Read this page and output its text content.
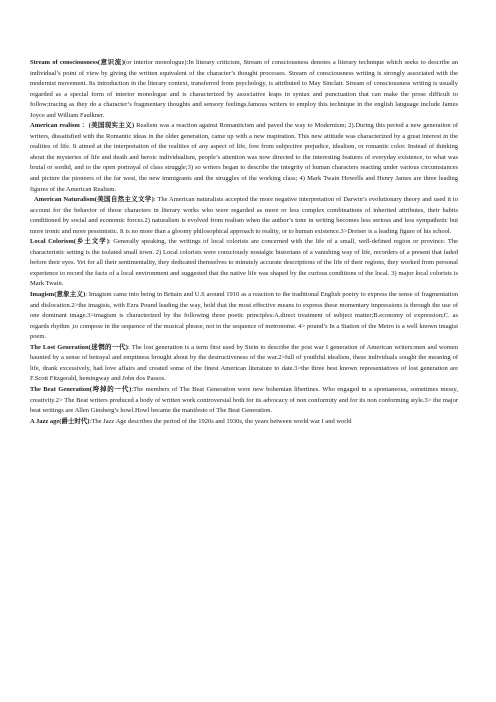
Stream of consciousness(意识流)(or interior monologue):In literary criticism, Stream of consciousness denotes a literary technique which seeks to describe an individual’s point of view by giving the written equivalent of the character’s thought processes. Stream of consciousness writing is strongly associated with the modernist movement. Its introduction in the literary context, transferred from psychology, is attributed to May Sinclair. Stream of consciousness writing is usually regarded as a special form of interior monologue and is characterized by associative leaps in syntax and punctuation that can make the prose difficult to follow;tracing as they do a character’s fragmentary thoughts and sensory feelings.famous writers to employ this technique in the english language include James Joyce and William Faulkner.

American realism ：(美国现实主义) Realism was a reaction against Romanticism and paved the way to Modernism; 2).During this period a new generation of writers, dissatisfied with the Romantic ideas in the older generation, came up with a new inspiration. This new attitude was characterized by a great interest in the realities of life. It aimed at the interpretation of the realities of any aspect of life, free from subjective prejudice, idealism, or romantic color. Instead of thinking about the mysteries of life and death and heroic individualism, people’s attention was now directed to the interesting features of everyday existence, to what was brutal or sordid, and to the open portrayal of class struggle;3) so writers began to describe the integrity of human characters reacting under various circumstances and picture the pioneers of the far west, the new immigrants and the struggles of the working class; 4) Mark Twain Howells and Henry James are three leading figures of the American Realism.

American Naturalism(美国自然主义文学): The American naturalists accepted the more negative interpretation of Darwin’s evolutionary theory and used it to account for the behavior of those characters in literary works who were regarded as more or less complex combinations of inherited attributes, their habits conditioned by social and economic forces.2) naturalism is evolved from realism when the author’s tone in writing becomes less serious and less sympathetic but more ironic and more pessimistic. It is no more than a gloomy philosophical approach to reality, or to human existence.3>Dreiser is a leading figure of his school.

Local Colorism(乡土文学): Generally speaking, the writings of local colorists are concerned with the life of a small, well-defined region or province. The characteristic setting is the isolated small town. 2) Local colorists were consciously nostalgic historians of a vanishing way of life, recorders of a present that faded before their eyes. Yet for all their sentimentality, they dedicated themselves to minutely accurate descriptions of the life of their regions, they worked from personal experience to record the facts of a local environment and suggested that the native life was shaped by the curious conditions of the local. 3) major local colorists is Mark Twain.

Imagism(意象主义): Imagism came into being in Britain and U.S around 1910 as a reaction to the traditional English poetry to express the sense of fragmentation and dislocation.2>the imagists, with Ezra Pound leading the way, hold that the most effective means to express these momentary impressions is through the use of one dominant image.3>imagism is characterized by the following three poetic principles:A.direct treatment of subject matter;B.economy of expression;C. as regards rhythm ,to compose in the sequence of the musical phrase, not in the sequence of metronome. 4> pound’s In a Station of the Metro is a well known imagist poem.

The Lost Generation(迷惘的一代): The lost generation is a term first used by Stein to describe the post war I generation of American writers:men and women haunted by a sense of betrayal and emptiness brought about by the destructiveness of the war.2>full of youthful idealism, these individuals sought the meaning of life, drank excessively, had love affairs and created some of the finest American literature to date.3>the three best known representatives of lost generation are F.Scott Fitzgerald, hemingway and John dos Passos.

The Beat Generation(垮掉的一代):The members of The Beat Generation were new bohemian libertines. Who engaged in a spontaneous, sometimes messy, creativity.2> The Beat writers produced a body of written work controversial both for its advocacy of non conformity and for its non conforming style.3> the major beat writings are Allen Ginsberg’s howl.Howl became the manifesto of The Beat Generation.

A Jazz age(爵士时代):The Jazz Age describes the period of the 1920s and 1930s, the years between world war I and world
